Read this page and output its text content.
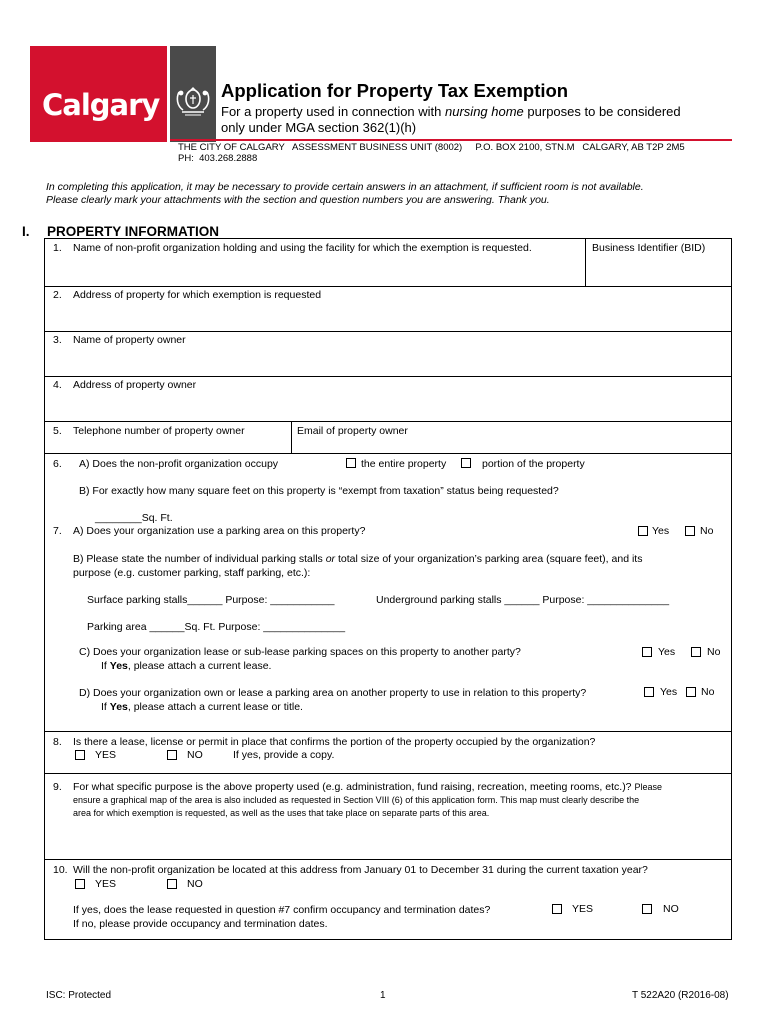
Calgary	Application for Property Tax Exemption
For a property used in connection with nursing home purposes to be considered only under MGA section 362(1)(h)
THE CITY OF CALGARY   ASSESSMENT BUSINESS UNIT (8002)     P.O. BOX 2100, STN.M   CALGARY, AB T2P 2M5
PH:  403.268.2888
In completing this application, it may be necessary to provide certain answers in an attachment, if sufficient room is not available.
Please clearly mark your attachments with the section and question numbers you are answering. Thank you.
I. PROPERTY INFORMATION
1. Name of non-profit organization holding and using the facility for which the exemption is requested.	Business Identifier (BID)
2. Address of property for which exemption is requested
3. Name of property owner
4. Address of property owner
5. Telephone number of property owner	Email of property owner
6. A) Does the non-profit organization occupy	the entire property	portion of the property
B) For exactly how many square feet on this property is “exempt from taxation” status being requested?
________Sq. Ft.
7. A) Does your organization use a parking area on this property?	Yes	No
B) Please state the number of individual parking stalls or total size of your organization’s parking area (square feet), and its
purpose (e.g. customer parking, staff parking, etc.):
Surface parking stalls______ Purpose: ___________	Underground parking stalls ______ Purpose: ______________
Parking area ______Sq. Ft. Purpose: ______________
C) Does your organization lease or sub-lease parking spaces on this property to another party?
If Yes, please attach a current lease.
Yes	No
D) Does your organization own or lease a parking area on another property to use in relation to this property?
If Yes, please attach a current lease or title.
Yes No
8. Is there a lease, license or permit in place that confirms the portion of the property occupied by the organization?
YES	NO	If yes, provide a copy.
9. For what specific purpose is the above property used (e.g. administration, fund raising, recreation, meeting rooms, etc.)? Please
ensure a graphical map of the area is also included as requested in Section VIII (6) of this application form. This map must clearly describe the
area for which exemption is requested, as well as the uses that take place on separate parts of this area.
10. Will the non-profit organization be located at this address from January 01 to December 31 during the current taxation year?
YES	NO
If yes, does the lease requested in question #7 confirm occupancy and termination dates?
If no, please provide occupancy and termination dates.
YES	NO
ISC: Protected	1	T 522A20 (R2016-08)
